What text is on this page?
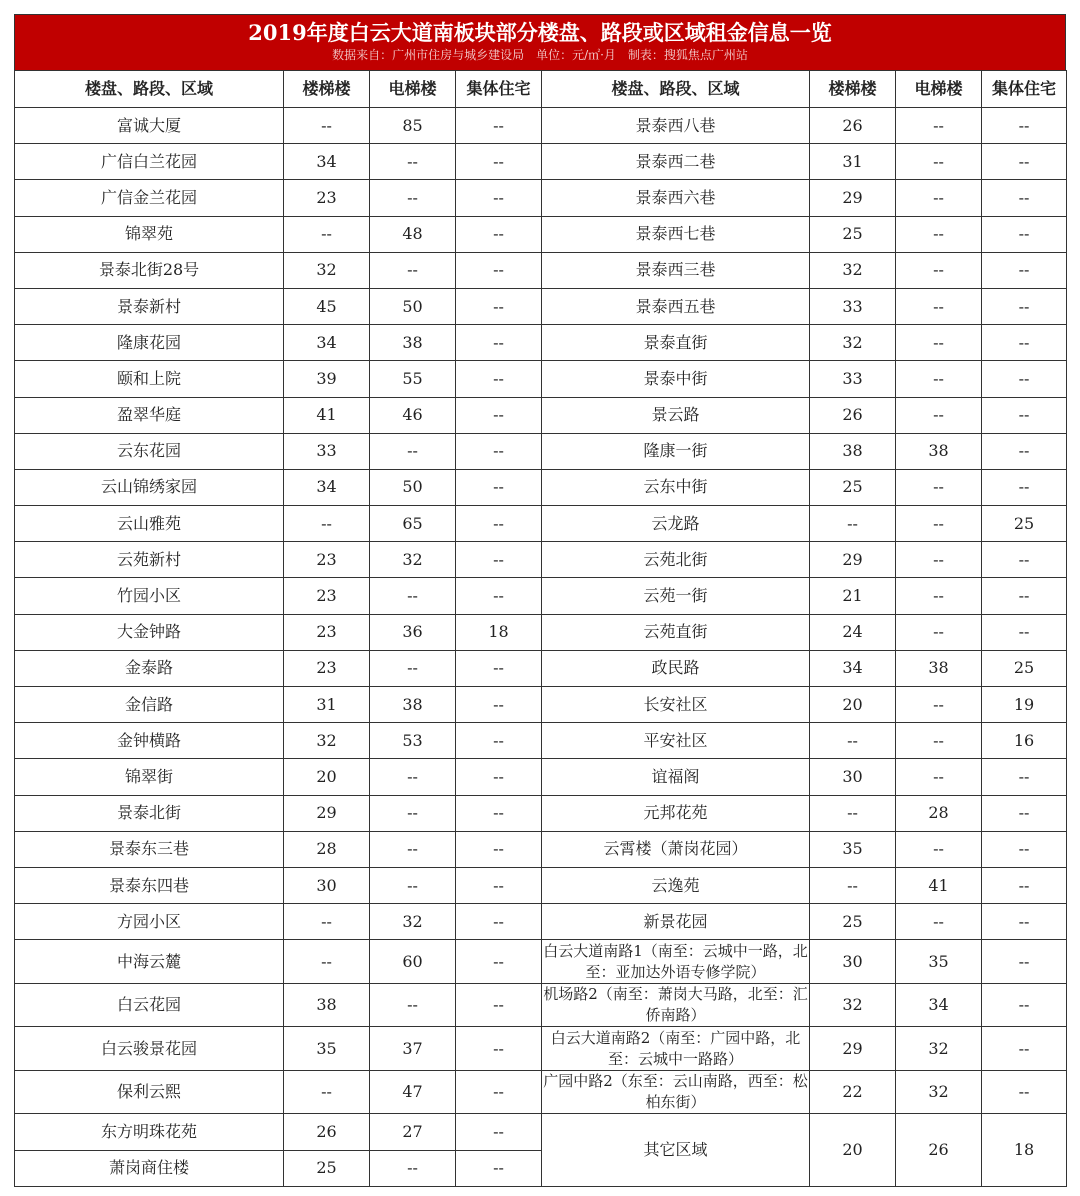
2019年度白云大道南板块部分楼盘、路段或区域租金信息一览
数据来自：广州市住房与城乡建设局　单位：元/㎡·月　制表：搜狐焦点广州站
楼盘、路段、区域	楼梯楼	电梯楼	集体住宅	楼盘、路段、区域	楼梯楼	电梯楼	集体住宅
富诚大厦	--	85	--	景泰西八巷	26	--	--
广信白兰花园	34	--	--	景泰西二巷	31	--	--
广信金兰花园	23	--	--	景泰西六巷	29	--	--
锦翠苑	--	48	--	景泰西七巷	25	--	--
景泰北街28号	32	--	--	景泰西三巷	32	--	--
景泰新村	45	50	--	景泰西五巷	33	--	--
隆康花园	34	38	--	景泰直街	32	--	--
颐和上院	39	55	--	景泰中街	33	--	--
盈翠华庭	41	46	--	景云路	26	--	--
云东花园	33	--	--	隆康一街	38	38	--
云山锦绣家园	34	50	--	云东中街	25	--	--
云山雅苑	--	65	--	云龙路	--	--	25
云苑新村	23	32	--	云苑北街	29	--	--
竹园小区	23	--	--	云苑一街	21	--	--
大金钟路	23	36	18	云苑直街	24	--	--
金泰路	23	--	--	政民路	34	38	25
金信路	31	38	--	长安社区	20	--	19
金钟横路	32	53	--	平安社区	--	--	16
锦翠街	20	--	--	谊福阁	30	--	--
景泰北街	29	--	--	元邦花苑	--	28	--
景泰东三巷	28	--	--	云霄楼（萧岗花园）	35	--	--
景泰东四巷	30	--	--	云逸苑	--	41	--
方园小区	--	32	--	新景花园	25	--	--
中海云麓	--	60	--	白云大道南路1（南至：云城中一路，北至：亚加达外语专修学院）	30	35	--
白云花园	38	--	--	机场路2（南至：萧岗大马路，北至：汇侨南路）	32	34	--
白云骏景花园	35	37	--	白云大道南路2（南至：广园中路，北至：云城中一路路）	29	32	--
保利云熙	--	47	--	广园中路2（东至：云山南路，西至：松柏东街）	22	32	--
东方明珠花苑	26	27	--	其它区域	20	26	18
萧岗商住楼	25	--	--				
